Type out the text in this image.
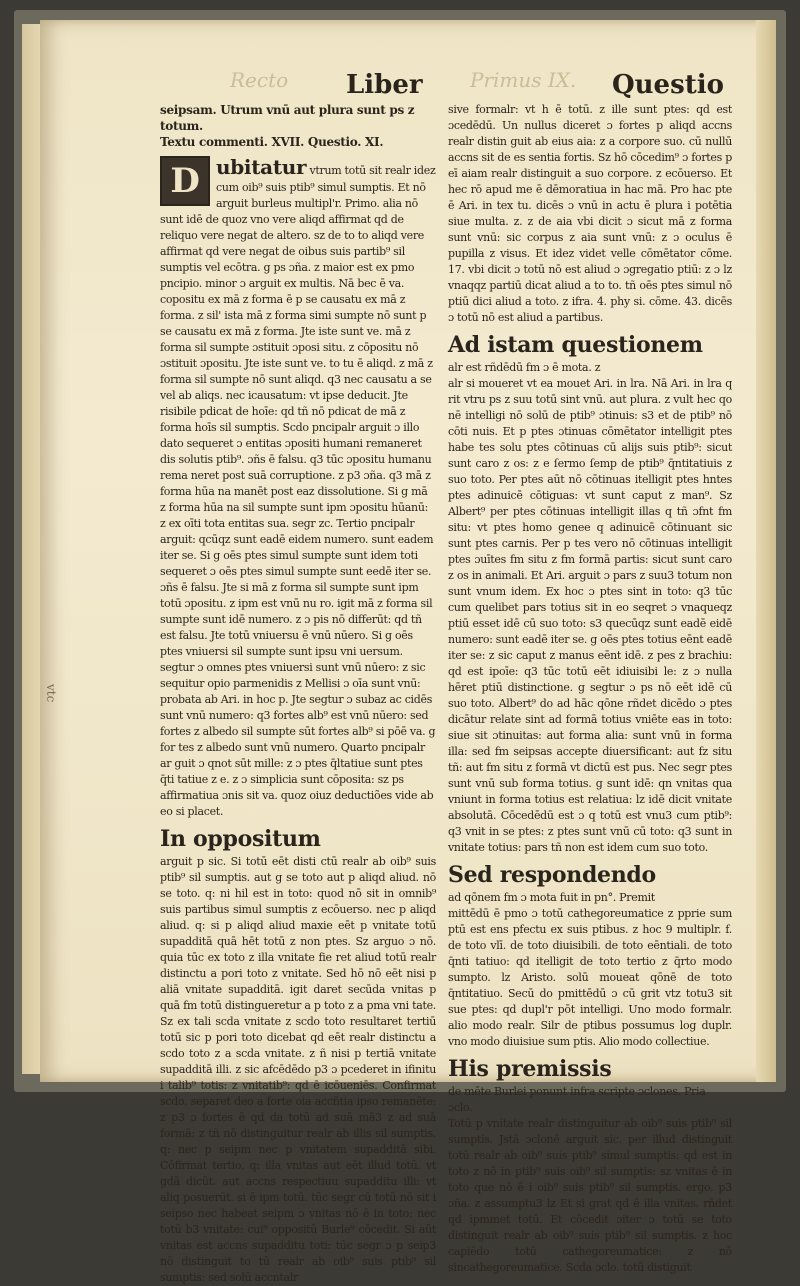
vtc
Recto	Primus IX.
Liber	Questio
seipsam. Utrum vnū aut plura sunt ps z totum.
Textu commenti. XVII. Questio. XI.
D ubitatur vtrum totū sit realr idez cum oib⁹ suis ptib⁹ simul sumptis. Et nō arguit burleus multipl'r. Primo. alia nō sunt idē de quoz vno vere aliqd affirmat qd de reliquo vere negat de altero. sz de to to aliqd vere affirmat qd vere negat de oibus suis partib⁹ sil sumptis vel ecōtra. g ps ɔña. z maior est ex pmo pncipio. minor ɔ arguit ex multis. Nā bec ē va. copositu ex mā z forma ē p se causatu ex mā z forma. z sil' ista mā z forma simi sumpte nō sunt p se causatu ex mā z forma. Jte iste sunt ve. mā z forma sil sumpte ɔstituit ɔposi situ. z cōpositu nō ɔstituit ɔpositu. Jte iste sunt ve. to tu ē aliqd. z mā z forma sil sumpte nō sunt aliqd. q3 nec causatu a se vel ab aliqs. nec icausatum: vt ipse deducit. Jte risibile pdicat de hoīe: qd tñ nō pdicat de mā z forma hoīs sil sumptis. Scdo pncipalr arguit ɔ illo dato sequeret ɔ entitas ɔpositi humani remaneret dis solutis ptib⁹. ɔñs ē falsu. q3 tūc ɔpositu humanu rema neret post suā corruptione. z p3 ɔña. q3 mā z forma hūa na manēt post eaz dissolutione. Si g mā z forma hūa na sil sumpte sunt ipm ɔpositu hūanū: z ex oīti tota entitas sua. segr zc. Tertio pncipalr arguit: qcūqz sunt eadē eidem numero. sunt eadem iter se. Si g oēs ptes simul sumpte sunt idem toti sequeret ɔ oēs ptes simul sumpte sunt eedē iter se. ɔñs ē falsu. Jte si mā z forma sil sumpte sunt ipm totū ɔpositu. z ipm est vnū nu ro. igit mā z forma sil sumpte sunt idē numero. z ɔ pis nō differūt: qd tñ est falsu. Jte totū vniuersu ē vnū nūero. Si g oēs ptes vniuersi sil sumpte sunt ipsu vni uersum. segtur ɔ omnes ptes vniuersi sunt vnū nūero: z sic sequitur opio parmenidis z Mellisi ɔ oīa sunt vnū: probata ab Ari. in hoc p. Jte segtur ɔ subaz ac cidēs sunt vnū numero: q3 fortes alb⁹ est vnū nūero: sed fortes z albedo sil sumpte sūt fortes alb⁹ si pōē va. g for tes z albedo sunt vnū numero. Quarto pncipalr ar guit ɔ qnot sūt mille: z ɔ ptes q̄ltatiue sunt ptes q̄ti tatiue z e. z ɔ simplicia sunt cōposita: sz ps affirmatiua ɔnis sit va. quoz oiuz deductiões vide ab eo si placet.
In oppositum

arguit p sic. Si totū eēt disti ctū realr ab oib⁹ suis ptib⁹ sil sumptis. aut g se toto aut p aliqd aliud. nō se toto. q: ni hil est in toto: quod nō sit in omnib⁹ suis partibus simul sumptis z ecōuerso. nec p aliqd aliud. q: si p aliqd aliud maxie eēt p vnitate totū supadditā quā hēt totū z non ptes. Sz arguo ɔ nō. quia tūc ex toto z illa vnitate fie ret aliud totū realr distinctu a pori toto z vnitate. Sed hō nō eēt nisi p aliā vnitate supadditā. igit daret secūda vnitas p quā fm totū distingueretur a p toto z a pma vni tate. Sz ex tali scda vnitate z scdo toto resultaret tertiū totū sic p pori toto dicebat qd eēt realr distinctu a scdo toto z a scda vnitate. z ñ nisi p tertiā vnitate supadditā illi. z sic afcēdēdo p3 ɔ pcederet in ifinitu i talib⁹ totis: z vnitatib⁹: qd ē icōueniēs. Confirmat scdo. separet deo a forte oia accñtia ipso remanēte: z p3 ɔ fortes ē qd da totū ad suā mā3 z ad suā formā: z tñ nō distinguitur realr ab illis sil sumptis. q: nec p seipm nec p vnitatem supadditā sibi. Cōfirmat tertio. q: illa vnitas aut eēt illud totū. vt gdā dicūt. aut accns respectiuu supadditu illi: vt aliq posuerūt. si ē ipm totū. tūc segr cū totū nō sit i seipso nec habeat seipm ɔ vnitas nō ē in toto: nec totū b3 vnitate: cui⁹ oppositū Burle⁹ cōcedit. Si aūt vnitas est accns supadditu toti: tūc segr ɔ p seip3 nō distinguit to tū realr ab oib⁹ suis ptib⁹ sil sumptis: sed solū accntalr

sive formalr: vt h ē totū. z ille sunt ptes: qd est ɔcedēdū. Un nullus diceret ɔ fortes p aliqd accns realr distin guit ab eius aia: z a corpore suo. cū nullū accns sit de es sentia fortis. Sz hō cōcedim⁹ ɔ fortes p eī aiam realr distinguit a suo corpore. z ecōuerso. Et hec rō apud me ē dēmoratiua in hac mā. Pro hac pte ē Ari. in tex tu. dicēs ɔ vnū in actu ē plura i potētia siue multa. z. z de aia vbi dicit ɔ sicut mā z forma sunt vnū: sic corpus z aia sunt vnū: z ɔ oculus ē pupilla z visus. Et idez videt velle cōmētator cōme. 17. vbi dicit ɔ totū nō est aliud ɔ ɔgregatio ptiū: z ɔ lz vnaqqz partiū dicat aliud a to to. tñ oēs ptes simul nō ptiū dici aliud a toto. z ifra. 4. phy si. cōme. 43. dicēs ɔ totū nō est aliud a partibus.

Ad istam questionem
alr est rñdēdū fm ɔ ē mota. z

alr si moueret vt ea mouet Ari. in lra. Nā Ari. in lra q rit vtru ps z suu totū sint vnū. aut plura. z vult hec qo nē intelligi nō solū de ptib⁹ ɔtinuis: s3 et de ptib⁹ nō cōti nuis. Et p ptes ɔtinuas cōmētator intelligit ptes habe tes solu ptes cōtinuas cū alijs suis ptib⁹: sicut sunt caro z os: z e ſermo ſemp de ptib⁹ q̄ntitatiuis z suo toto. Per ptes aūt nō cōtinuas itelligit ptes hntes ptes adinuicē cōtiguas: vt sunt caput z man⁹. Sz Albert⁹ per ptes cōtinuas intelligit illas q tñ ɔfnt fm situ: vt ptes homo genee q adinuicē cōtinuant sic sunt ptes carnis. Per p tes vero nō cōtinuas intelligit ptes ɔuītes fm situ z fm formā partis: sicut sunt caro z os in animali. Et Ari. arguit ɔ pars z suu3 totum non sunt vnum idem. Ex hoc ɔ ptes sint in toto: q3 tūc cum quelibet pars totius sit in eo seqret ɔ vnaqueqz ptiū esset idē cū suo toto: s3 quecūqz sunt eadē eidē numero: sunt eadē iter se. g oēs ptes totius eēnt eadē iter se: z sic caput z manus eēnt idē. z pes z brachiu: qd est ipoīe: q3 tūc totū eēt idiuisibi le: z ɔ nulla hēret ptiū distinctione. g segtur ɔ ps nō eēt idē cū suo toto. Albert⁹ do ad hāc qōne rñdet dicēdo ɔ ptes dicātur relate sint ad formā totius vniēte eas in toto: siue sit ɔtinuitas: aut forma alia: sunt vnū in forma illa: sed fm seipsas accepte diuersificant: aut fz situ tñ: aut fm situ z formā vt dictū est pus. Nec segr ptes sunt vnū sub forma totius. g sunt idē: qn vnitas qua vniunt in forma totius est relatiua: lz idē dicit vnitate absolutā. Cōcedēdū est ɔ q totū est vnu3 cum ptib⁹: q3 vnit in se ptes: z ptes sunt vnū cū toto: q3 sunt in vnitate totius: pars tñ non est idem cum suo toto.

Sed respondendo
ad qōnem fm ɔ mota fuit in pn°. Premit

mittēdū ē pmo ɔ totū cathegoreumatice z pprie sum ptū est ens pfectu ex suis ptibus. z hoc 9 multiplr. f. de toto vlī. de toto diuisibili. de toto eēntiali. de toto q̄nti tatiuo: qd itelligit de toto tertio z q̄rto modo sumpto. lz Aristo. solū moueat qōnē de toto q̄ntitatiuo. Secū do pmittēdū ɔ cū grit vtz totu3 sit sue ptes: qd dupl'r pōt intelligi. Uno modo formalr. alio modo realr. Silr de ptibus possumus log duplr. vno modo diuisiue sum ptis. Alio modo collectiue.

His premissis
de mēte Burlei ponunt infra scripte ɔclones. Pria ɔclo.

Totū p vnitate realr distinguitur ab oib⁹ suis ptib⁹ sil sumptis. Jstā ɔclonē arguit sic. per illud distinguit totū realr ab oib⁹ suis ptib⁹ simul sumptis: qd est in toto z nō in ptib⁹ suis oib⁹ sil sumptis: sz vnitas ē in toto que nō ē i oib⁹ suis ptib⁹ sil sumptis. ergo. p3 ɔña. z assumptu3 lz Et si grat qd ē illa vnitas. rñdet qd ipmmet totū. Et cōcedit ɔiter ɔ totū se toto distinguit realr ab oib⁹ suis ptib⁹ sil sumptis. z hoc capiēdo totū cathegoreumatice: z nō sincathegoreumatice. Scda ɔclo. totū distiguit
